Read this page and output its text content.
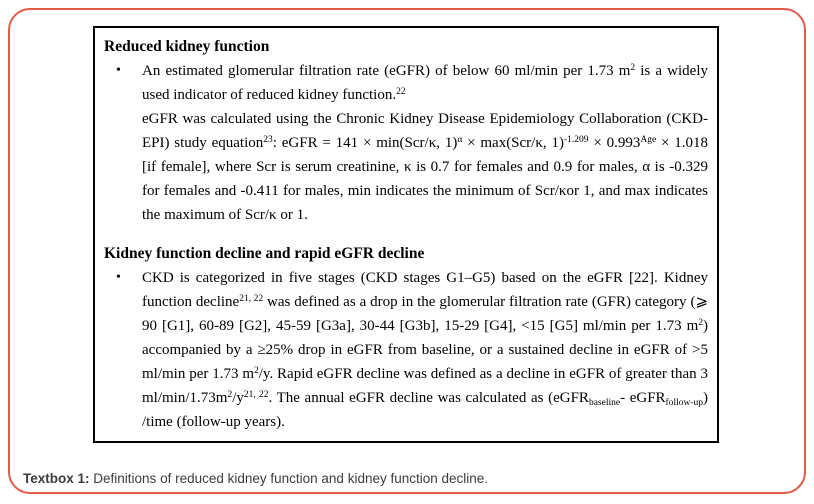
Reduced kidney function
• An estimated glomerular filtration rate (eGFR) of below 60 ml/min per 1.73 $m^2$ is a widely used indicator of reduced kidney function.$^{22}$
eGFR was calculated using the Chronic Kidney Disease Epidemiology Collaboration (CKD-EPI) study equation$^{23}$: eGFR = 141 × min(Scr/κ, 1)$^\alpha$ × max(Scr/κ, $1)^{-1.209} \times 0.993^{Age} \times 1.018$ [if female], where Scr is serum creatinine, κ is 0.7 for females and 0.9 for males, α is -0.329 for females and -0.411 for males, min indicates the minimum of Scr/κor 1, and max indicates the maximum of Scr/κ or 1.
Kidney function decline and rapid eGFR decline
• CKD is categorized in five stages (CKD stages G1–G5) based on the eGFR [22]. Kidney function decline$^{21, 22}$ was defined as a drop in the glomerular filtration rate (GFR) category (⩾ 90 [G1], 60-89 [G2], 45-59 [G3a], 30-44 [G3b], 15-29 [G4], <15 [G5] ml/min per 1.73 $m^2$) accompanied by a ≥25% drop in eGFR from baseline, or a sustained decline in eGFR of >5 ml/min per 1.73 $m^2/y$. Rapid eGFR decline was defined as a decline in eGFR of greater than 3 $ml/\min/1.73m^2/y^{21, 22}$. The annual eGFR decline was calculated as (eGFR$_{baseline}$- eGFR$_{follow-up}$) /time (follow-up years).

Textbox 1: Definitions of reduced kidney function and kidney function decline.
